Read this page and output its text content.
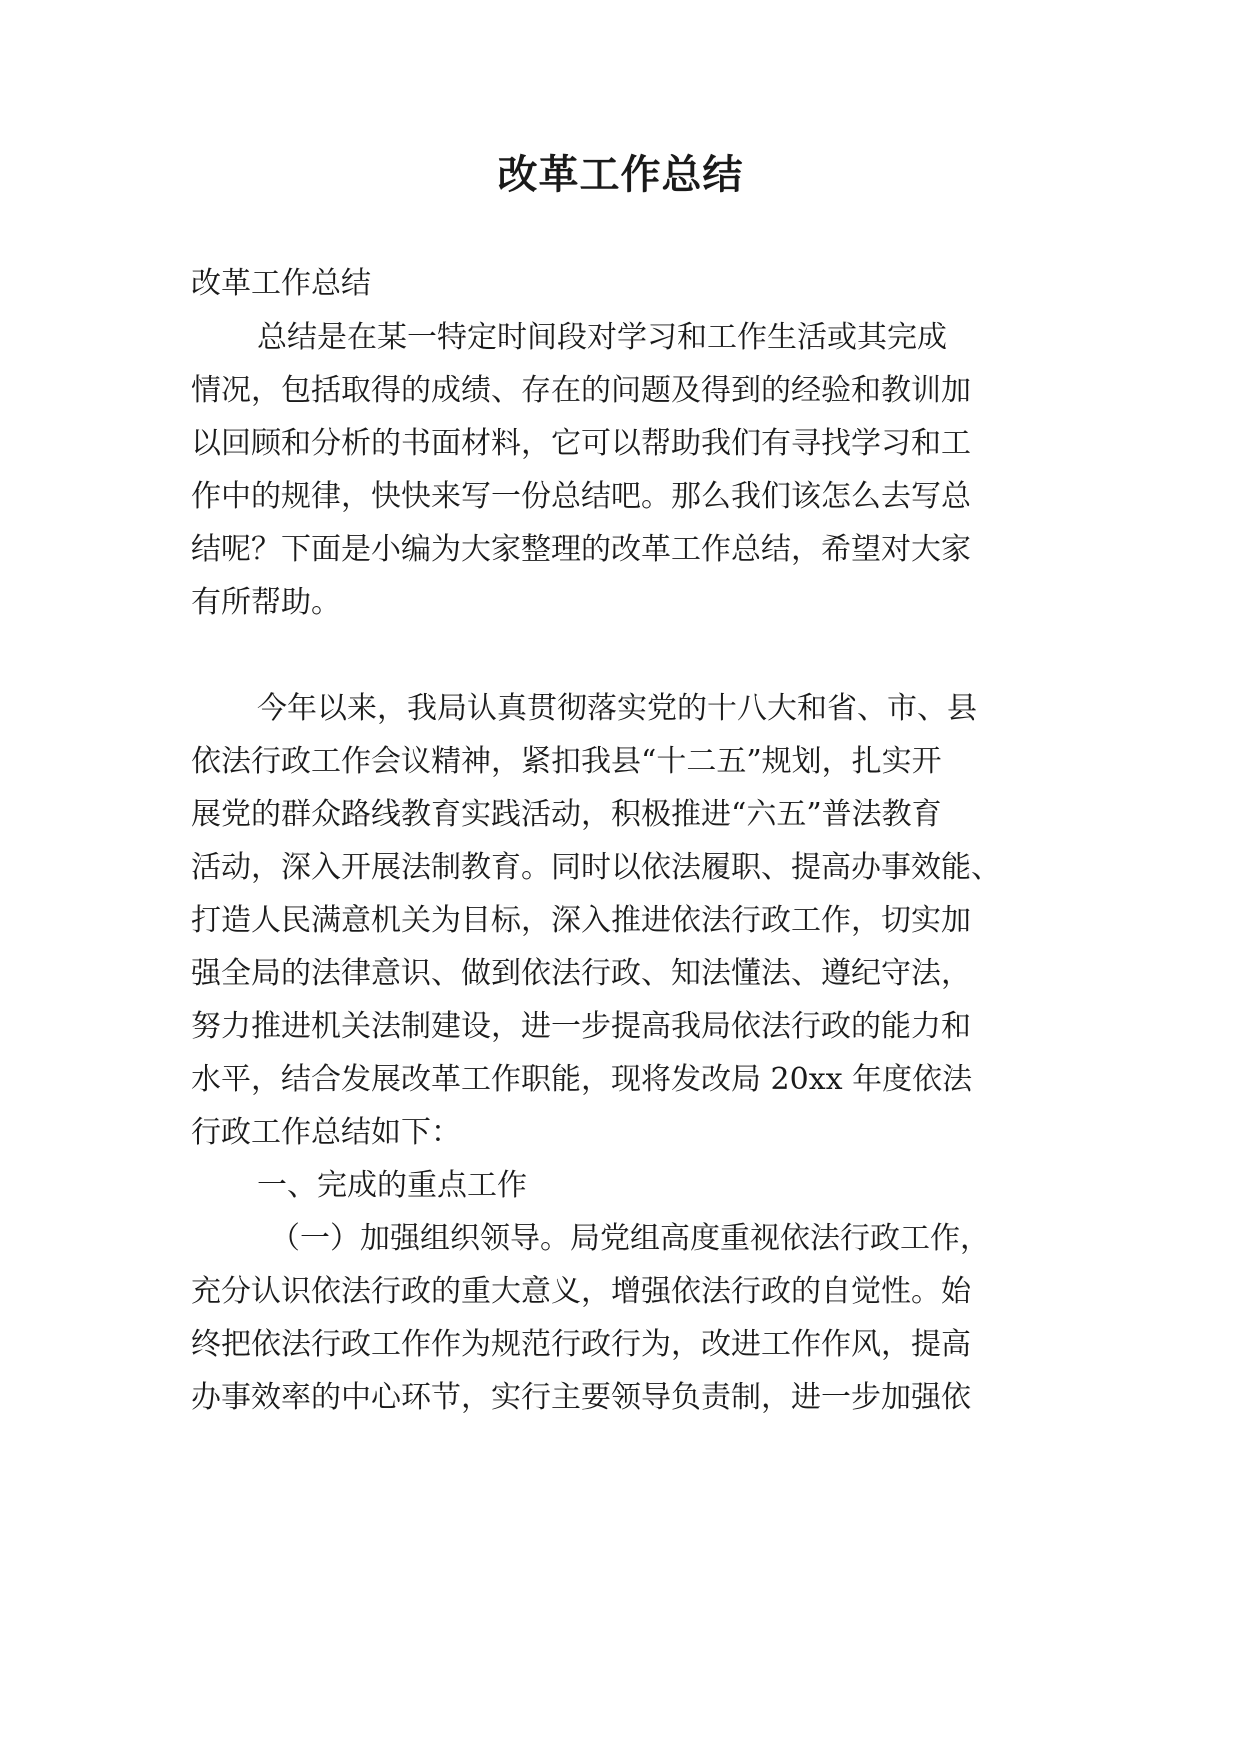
改革工作总结
改革工作总结
总结是在某一特定时间段对学习和工作生活或其完成
情况，包括取得的成绩、存在的问题及得到的经验和教训加
以回顾和分析的书面材料，它可以帮助我们有寻找学习和工
作中的规律，快快来写一份总结吧。那么我们该怎么去写总
结呢？下面是小编为大家整理的改革工作总结，希望对大家
有所帮助。
今年以来，我局认真贯彻落实党的十八大和省、市、县
依法行政工作会议精神，紧扣我县“十二五”规划，扎实开
展党的群众路线教育实践活动，积极推进“六五”普法教育
活动，深入开展法制教育。同时以依法履职、提高办事效能、
打造人民满意机关为目标，深入推进依法行政工作，切实加
强全局的法律意识、做到依法行政、知法懂法、遵纪守法，
努力推进机关法制建设，进一步提高我局依法行政的能力和
水平，结合发展改革工作职能，现将发改局 20xx 年度依法
行政工作总结如下：
一、完成的重点工作
（一）加强组织领导。局党组高度重视依法行政工作，
充分认识依法行政的重大意义，增强依法行政的自觉性。始
终把依法行政工作作为规范行政行为，改进工作作风，提高
办事效率的中心环节，实行主要领导负责制，进一步加强依
